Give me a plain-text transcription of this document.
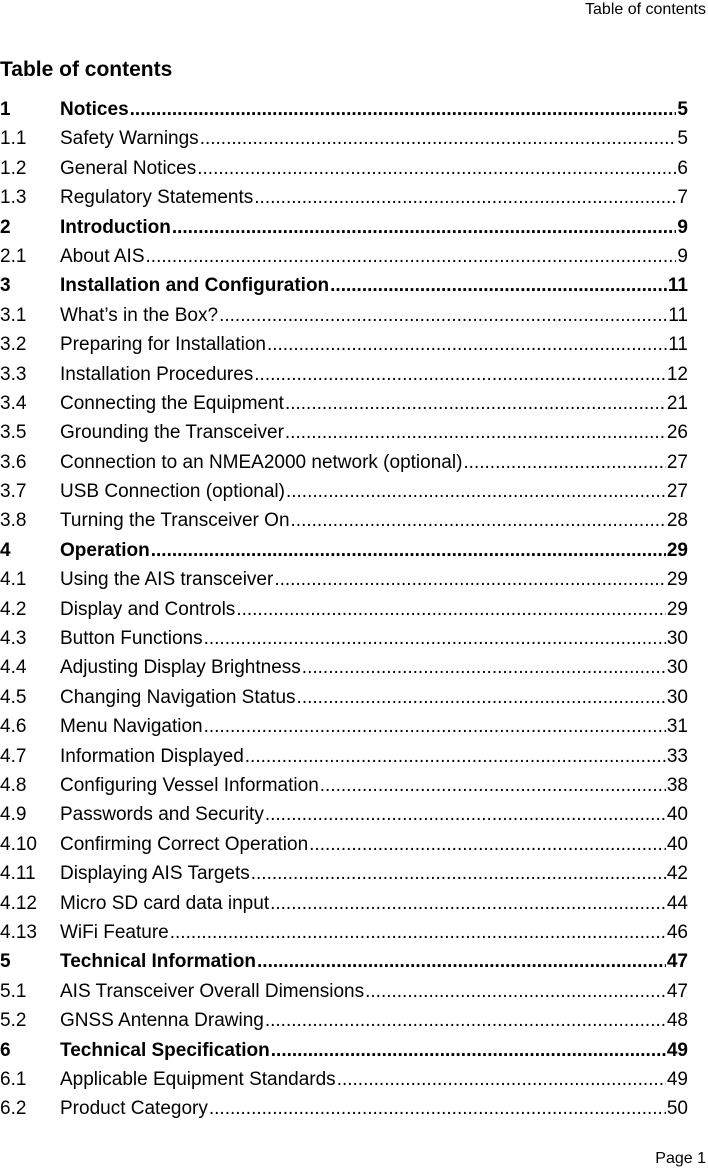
Table of contents
Table of contents
1	Notices .....	5
1.1	Safety Warnings .....	5
1.2	General Notices .....	6
1.3	Regulatory Statements .....	7
2	Introduction .....	9
2.1	About AIS .....	9
3	Installation and Configuration .....	11
3.1	What’s in the Box? .....	11
3.2	Preparing for Installation .....	11
3.3	Installation Procedures .....	12
3.4	Connecting the Equipment .....	21
3.5	Grounding the Transceiver .....	26
3.6	Connection to an NMEA2000 network (optional) .....	27
3.7	USB Connection (optional) .....	27
3.8	Turning the Transceiver On .....	28
4	Operation .....	29
4.1	Using the AIS transceiver .....	29
4.2	Display and Controls .....	29
4.3	Button Functions .....	30
4.4	Adjusting Display Brightness .....	30
4.5	Changing Navigation Status .....	30
4.6	Menu Navigation .....	31
4.7	Information Displayed .....	33
4.8	Configuring Vessel Information .....	38
4.9	Passwords and Security .....	40
4.10	Confirming Correct Operation .....	40
4.11	Displaying AIS Targets .....	42
4.12	Micro SD card data input .....	44
4.13	WiFi Feature .....	46
5	Technical Information .....	47
5.1	AIS Transceiver Overall Dimensions .....	47
5.2	GNSS Antenna Drawing .....	48
6	Technical Specification .....	49
6.1	Applicable Equipment Standards .....	49
6.2	Product Category .....	50
Page 1
